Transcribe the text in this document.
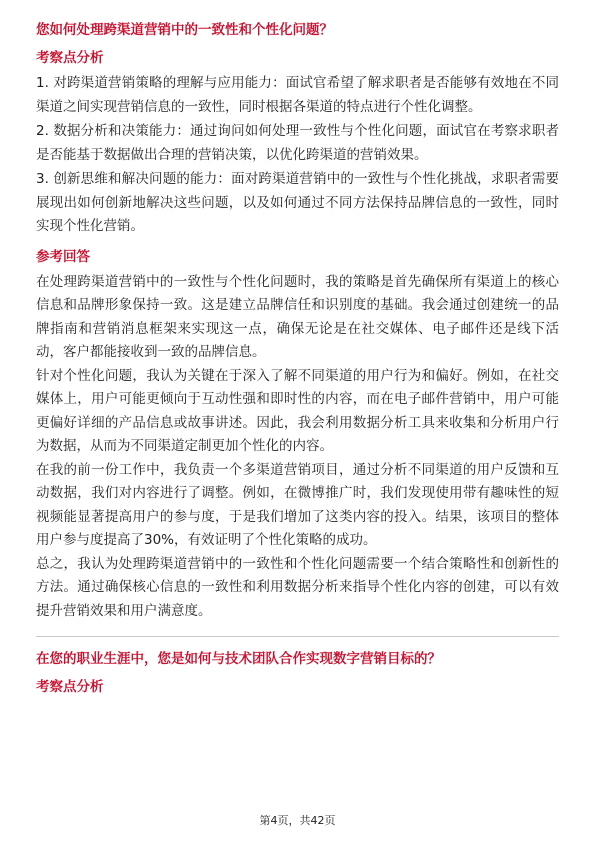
您如何处理跨渠道营销中的一致性和个性化问题？
考察点分析

1. 对跨渠道营销策略的理解与应用能力：面试官希望了解求职者是否能够有效地在不同渠道之间实现营销信息的一致性，同时根据各渠道的特点进行个性化调整。

2. 数据分析和决策能力：通过询问如何处理一致性与个性化问题，面试官在考察求职者是否能基于数据做出合理的营销决策，以优化跨渠道的营销效果。

3. 创新思维和解决问题的能力：面对跨渠道营销中的一致性与个性化挑战，求职者需要展现出如何创新地解决这些问题，以及如何通过不同方法保持品牌信息的一致性，同时实现个性化营销。

参考回答

在处理跨渠道营销中的一致性与个性化问题时，我的策略是首先确保所有渠道上的核心信息和品牌形象保持一致。这是建立品牌信任和识别度的基础。我会通过创建统一的品牌指南和营销消息框架来实现这一点，确保无论是在社交媒体、电子邮件还是线下活动，客户都能接收到一致的品牌信息。

针对个性化问题，我认为关键在于深入了解不同渠道的用户行为和偏好。例如，在社交媒体上，用户可能更倾向于互动性强和即时性的内容，而在电子邮件营销中，用户可能更偏好详细的产品信息或故事讲述。因此，我会利用数据分析工具来收集和分析用户行为数据，从而为不同渠道定制更加个性化的内容。

在我的前一份工作中，我负责一个多渠道营销项目，通过分析不同渠道的用户反馈和互动数据，我们对内容进行了调整。例如，在微博推广时，我们发现使用带有趣味性的短视频能显著提高用户的参与度，于是我们增加了这类内容的投入。结果，该项目的整体用户参与度提高了30%，有效证明了个性化策略的成功。

总之，我认为处理跨渠道营销中的一致性和个性化问题需要一个结合策略性和创新性的方法。通过确保核心信息的一致性和利用数据分析来指导个性化内容的创建，可以有效提升营销效果和用户满意度。

在您的职业生涯中，您是如何与技术团队合作实现数字营销目标的？
考察点分析
第4页，共42页
